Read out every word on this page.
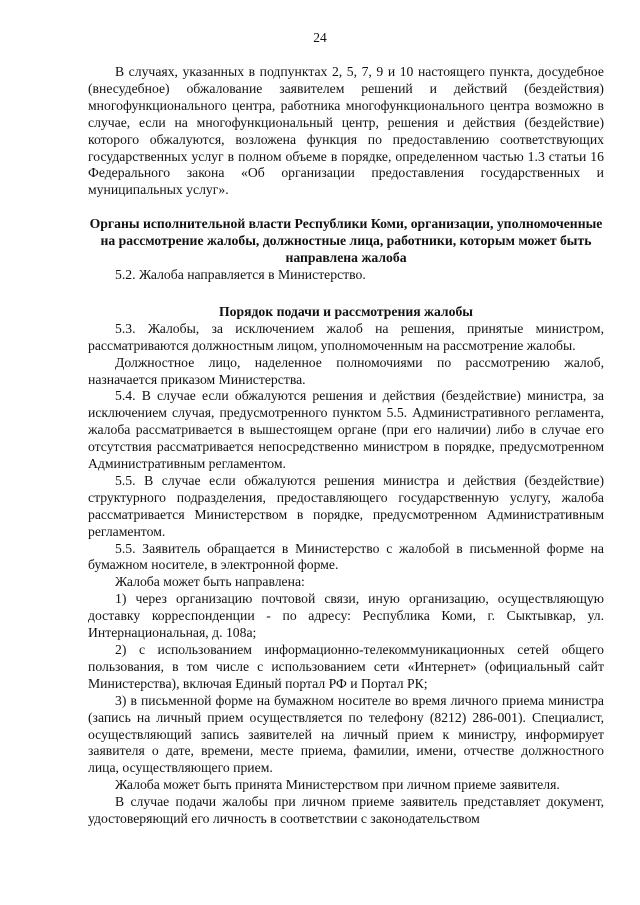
24

В случаях, указанных в подпунктах 2, 5, 7, 9 и 10 настоящего пункта, досудебное (внесудебное) обжалование заявителем решений и действий (бездействия) многофункционального центра, работника многофункционального центра возможно в случае, если на многофункциональный центр, решения и действия (бездействие) которого обжалуются, возложена функция по предоставлению соответствующих государственных услуг в полном объеме в порядке, определенном частью 1.3 статьи 16 Федерального закона «Об организации предоставления государственных и муниципальных услуг».

Органы исполнительной власти Республики Коми, организации, уполномоченные на рассмотрение жалобы, должностные лица, работники, которым может быть направлена жалоба

5.2. Жалоба направляется в Министерство.

Порядок подачи и рассмотрения жалобы

5.3. Жалобы, за исключением жалоб на решения, принятые министром, рассматриваются должностным лицом, уполномоченным на рассмотрение жалобы.

Должностное лицо, наделенное полномочиями по рассмотрению жалоб, назначается приказом Министерства.

5.4. В случае если обжалуются решения и действия (бездействие) министра, за исключением случая, предусмотренного пунктом 5.5. Административного регламента, жалоба рассматривается в вышестоящем органе (при его наличии) либо в случае его отсутствия рассматривается непосредственно министром в порядке, предусмотренном Административным регламентом.

5.5. В случае если обжалуются решения министра и действия (бездействие) структурного подразделения, предоставляющего государственную услугу, жалоба рассматривается Министерством в порядке, предусмотренном Административным регламентом.

5.5. Заявитель обращается в Министерство с жалобой в письменной форме на бумажном носителе, в электронной форме.

Жалоба может быть направлена:

1) через организацию почтовой связи, иную организацию, осуществляющую доставку корреспонденции - по адресу: Республика Коми, г. Сыктывкар, ул. Интернациональная, д. 108а;

2) с использованием информационно-телекоммуникационных сетей общего пользования, в том числе с использованием сети «Интернет» (официальный сайт Министерства), включая Единый портал РФ и Портал РК;

3) в письменной форме на бумажном носителе во время личного приема министра (запись на личный прием осуществляется по телефону (8212) 286-001). Специалист, осуществляющий запись заявителей на личный прием к министру, информирует заявителя о дате, времени, месте приема, фамилии, имени, отчестве должностного лица, осуществляющего прием.

Жалоба может быть принята Министерством при личном приеме заявителя.

В случае подачи жалобы при личном приеме заявитель представляет документ, удостоверяющий его личность в соответствии с законодательством
